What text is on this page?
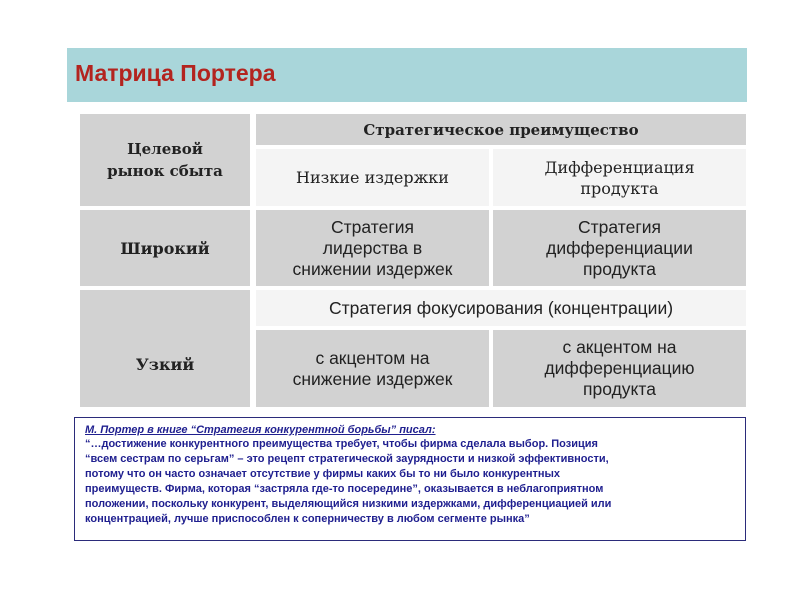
Матрица Портера
Целевой
рынок сбыта
Стратегическое преимущество
Низкие издержки
Дифференциация
продукта
Широкий
Стратегия
лидерства в
снижении издержек
Стратегия
дифференциации
продукта
Узкий
Стратегия фокусирования (концентрации)
с акцентом на
снижение издержек
с акцентом на
дифференциацию
продукта
М. Портер в книге “Стратегия конкурентной борьбы” писал:
“…достижение конкурентного преимущества требует, чтобы фирма сделала выбор. Позиция
“всем сестрам по серьгам” – это рецепт стратегической заурядности и низкой эффективности,
потому что он часто означает отсутствие у фирмы каких бы то ни было конкурентных
преимуществ. Фирма, которая “застряла где-то посередине”, оказывается в неблагоприятном
положении, поскольку конкурент, выделяющийся низкими издержками, дифференциацией или
концентрацией, лучше приспособлен к соперничеству в любом сегменте рынка”
